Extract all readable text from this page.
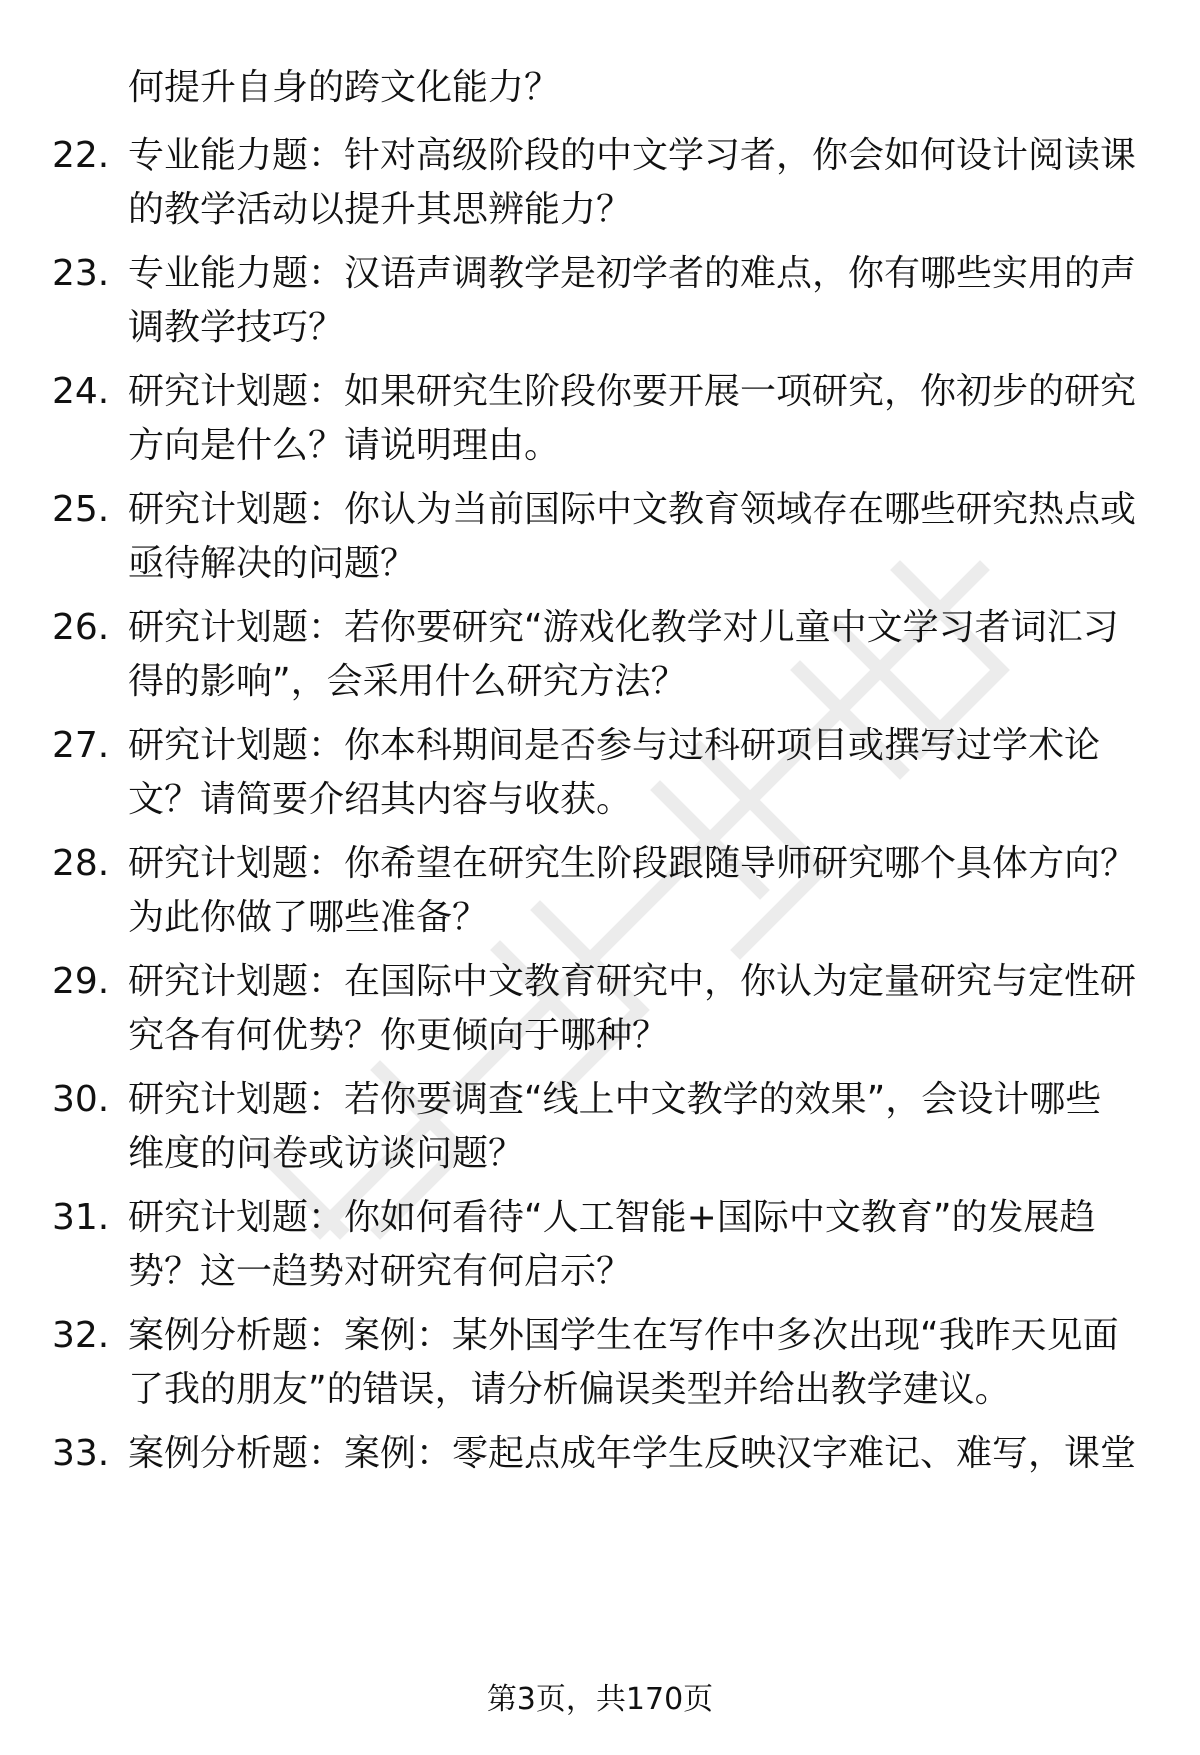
何提升自身的跨文化能力？
22. 专业能力题：针对高级阶段的中文学习者，你会如何设计阅读课
的教学活动以提升其思辨能力？
23. 专业能力题：汉语声调教学是初学者的难点，你有哪些实用的声
调教学技巧？
24. 研究计划题：如果研究生阶段你要开展一项研究，你初步的研究
方向是什么？请说明理由。
25. 研究计划题：你认为当前国际中文教育领域存在哪些研究热点或
亟待解决的问题？
26. 研究计划题：若你要研究“游戏化教学对儿童中文学习者词汇习
得的影响”，会采用什么研究方法？
27. 研究计划题：你本科期间是否参与过科研项目或撰写过学术论
文？请简要介绍其内容与收获。
28. 研究计划题：你希望在研究生阶段跟随导师研究哪个具体方向？
为此你做了哪些准备？
29. 研究计划题：在国际中文教育研究中，你认为定量研究与定性研
究各有何优势？你更倾向于哪种？
30. 研究计划题：若你要调查“线上中文教学的效果”，会设计哪些
维度的问卷或访谈问题？
31. 研究计划题：你如何看待“人工智能+国际中文教育”的发展趋
势？这一趋势对研究有何启示？
32. 案例分析题：案例：某外国学生在写作中多次出现“我昨天见面
了我的朋友”的错误，请分析偏误类型并给出教学建议。
33. 案例分析题：案例：零起点成年学生反映汉字难记、难写，课堂
第3页，共170页
